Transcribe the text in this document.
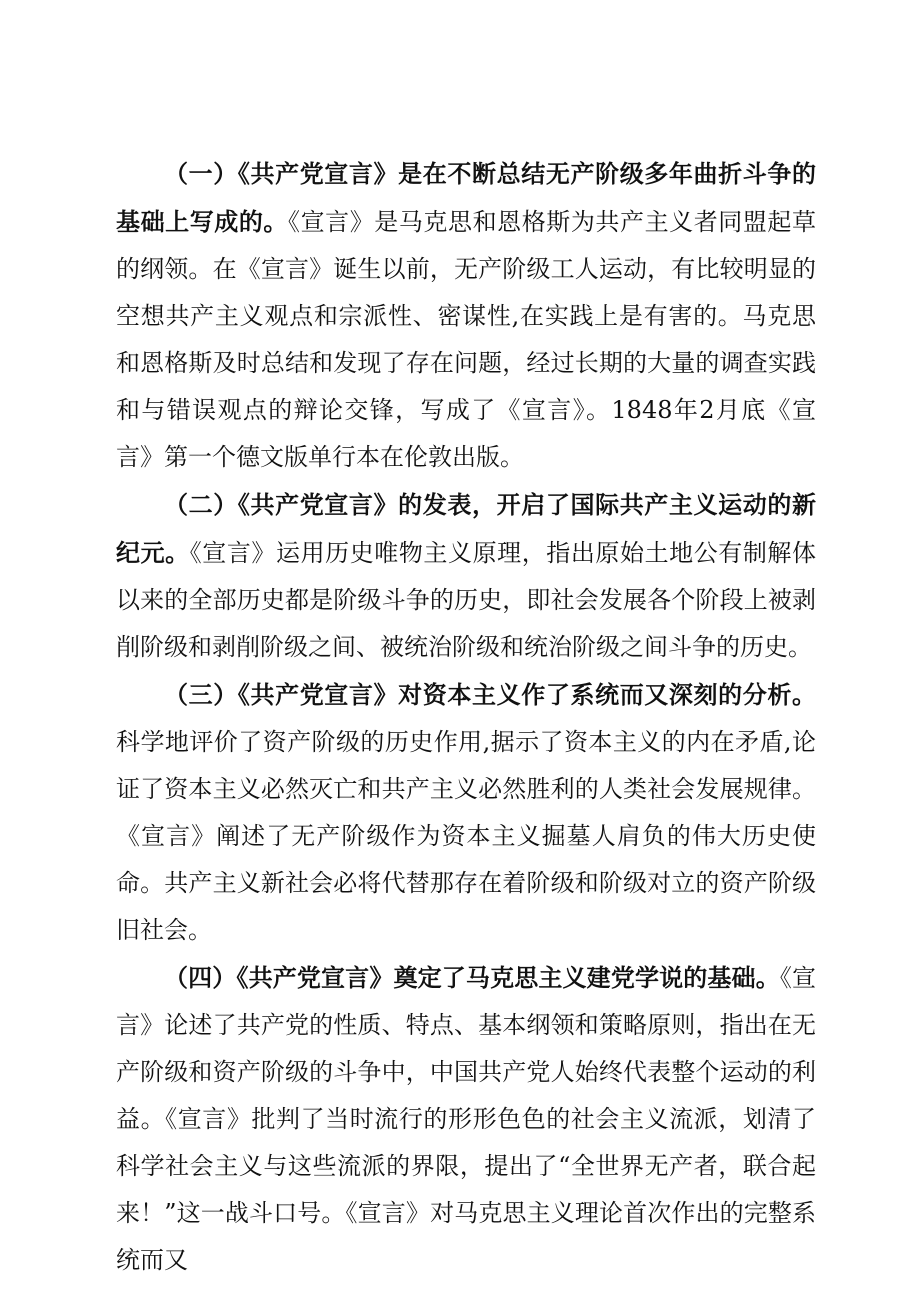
（一）《共产党宣言》是在不断总结无产阶级多年曲折斗争的基础上写成的。《宣言》是马克思和恩格斯为共产主义者同盟起草的纲领。在《宣言》诞生以前，无产阶级工人运动，有比较明显的空想共产主义观点和宗派性、密谋性,在实践上是有害的。马克思和恩格斯及时总结和发现了存在问题，经过长期的大量的调查实践和与错误观点的辩论交锋，写成了《宣言》。1848年2月底《宣言》第一个德文版单行本在伦敦出版。

（二）《共产党宣言》的发表，开启了国际共产主义运动的新纪元。《宣言》运用历史唯物主义原理，指出原始土地公有制解体以来的全部历史都是阶级斗争的历史，即社会发展各个阶段上被剥削阶级和剥削阶级之间、被统治阶级和统治阶级之间斗争的历史。

（三）《共产党宣言》对资本主义作了系统而又深刻的分析。科学地评价了资产阶级的历史作用,据示了资本主义的内在矛盾,论证了资本主义必然灭亡和共产主义必然胜利的人类社会发展规律。《宣言》阐述了无产阶级作为资本主义掘墓人肩负的伟大历史使命。共产主义新社会必将代替那存在着阶级和阶级对立的资产阶级旧社会。

（四）《共产党宣言》奠定了马克思主义建党学说的基础。《宣言》论述了共产党的性质、特点、基本纲领和策略原则，指出在无产阶级和资产阶级的斗争中，中国共产党人始终代表整个运动的利益。《宣言》批判了当时流行的形形色色的社会主义流派，划清了科学社会主义与这些流派的界限，提出了“全世界无产者，联合起来！”这一战斗口号。《宣言》对马克思主义理论首次作出的完整系统而又
